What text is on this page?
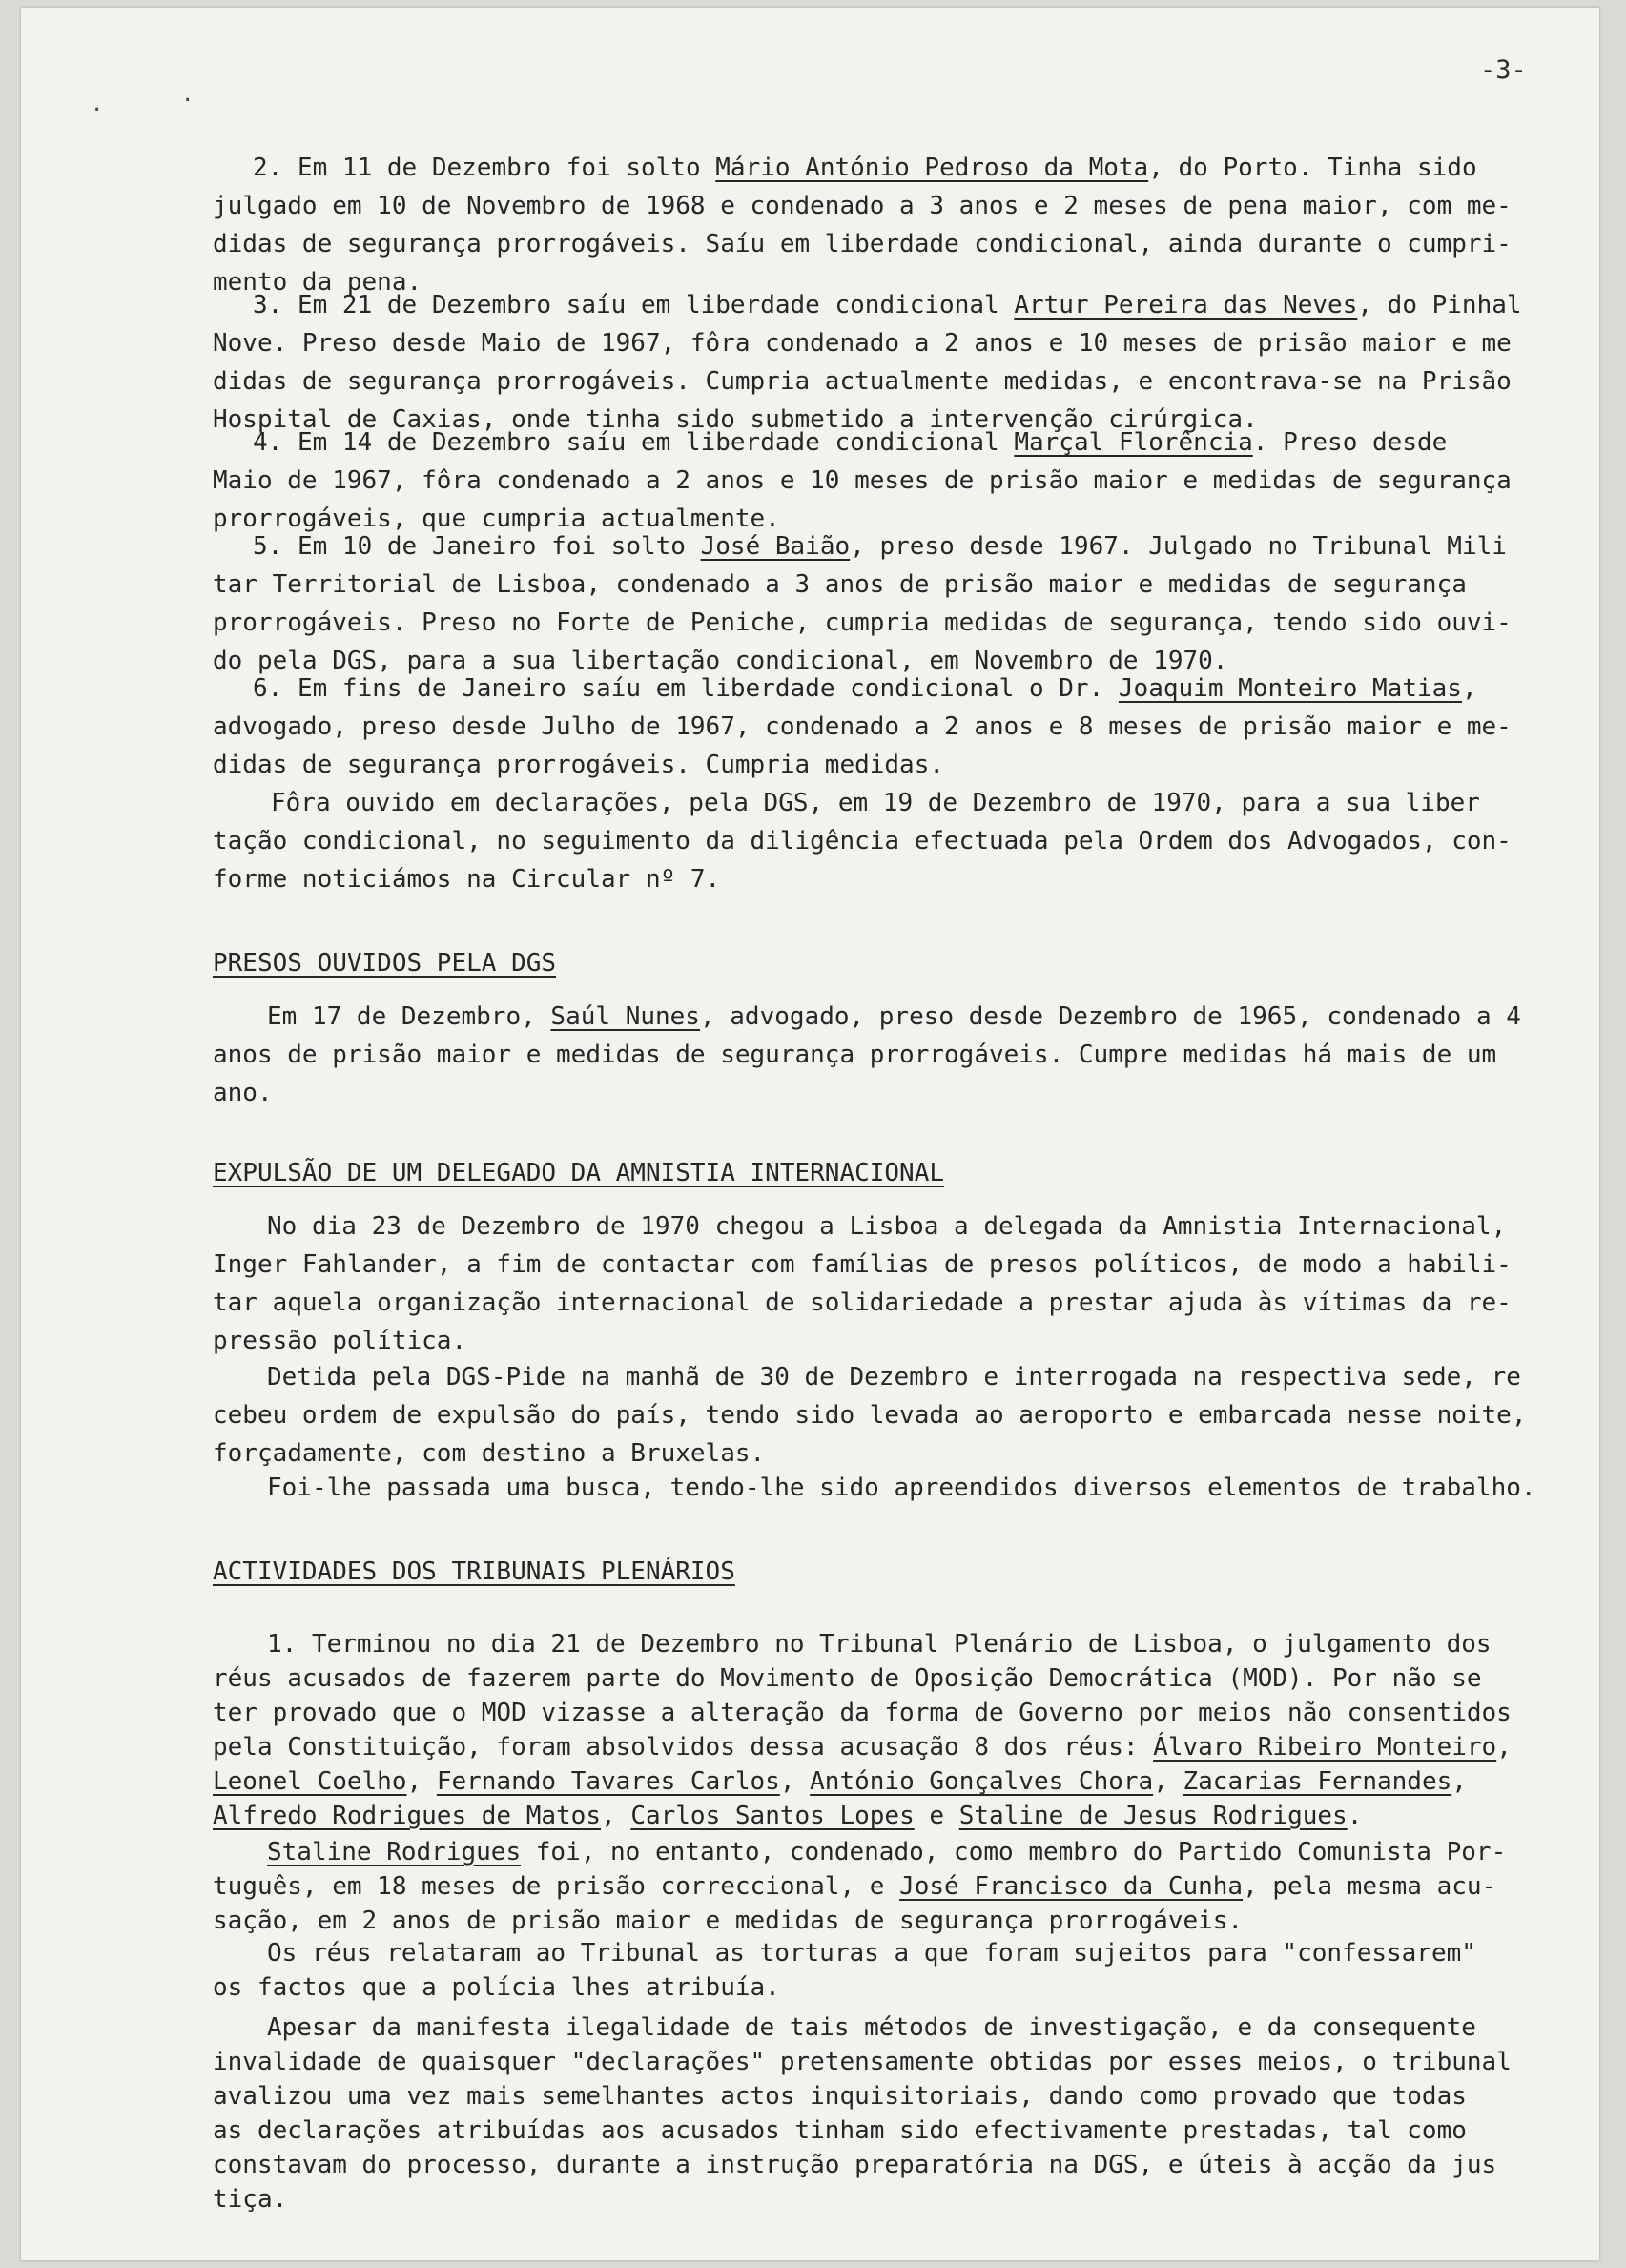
-3-
·	·
2. Em 11 de Dezembro foi solto Mário António Pedroso da Mota, do Porto. Tinha sido
julgado em 10 de Novembro de 1968 e condenado a 3 anos e 2 meses de pena maior, com me-
didas de segurança prorrogáveis. Saíu em liberdade condicional, ainda durante o cumpri-
mento da pena.
3. Em 21 de Dezembro saíu em liberdade condicional Artur Pereira das Neves, do Pinhal
Nove. Preso desde Maio de 1967, fôra condenado a 2 anos e 10 meses de prisão maior e me
didas de segurança prorrogáveis. Cumpria actualmente medidas, e encontrava-se na Prisão
Hospital de Caxias, onde tinha sido submetido a intervenção cirúrgica.
4. Em 14 de Dezembro saíu em liberdade condicional Marçal Florência. Preso desde
Maio de 1967, fôra condenado a 2 anos e 10 meses de prisão maior e medidas de segurança
prorrogáveis, que cumpria actualmente.
5. Em 10 de Janeiro foi solto José Baião, preso desde 1967. Julgado no Tribunal Mili
tar Territorial de Lisboa, condenado a 3 anos de prisão maior e medidas de segurança
prorrogáveis. Preso no Forte de Peniche, cumpria medidas de segurança, tendo sido ouvi-
do pela DGS, para a sua libertação condicional, em Novembro de 1970.
6. Em fins de Janeiro saíu em liberdade condicional o Dr. Joaquim Monteiro Matias,
advogado, preso desde Julho de 1967, condenado a 2 anos e 8 meses de prisão maior e me-
didas de segurança prorrogáveis. Cumpria medidas.
Fôra ouvido em declarações, pela DGS, em 19 de Dezembro de 1970, para a sua liber
tação condicional, no seguimento da diligência efectuada pela Ordem dos Advogados, con-
forme noticiámos na Circular nº 7.
PRESOS OUVIDOS PELA DGS
Em 17 de Dezembro, Saúl Nunes, advogado, preso desde Dezembro de 1965, condenado a 4
anos de prisão maior e medidas de segurança prorrogáveis. Cumpre medidas há mais de um
ano.
EXPULSÃO DE UM DELEGADO DA AMNISTIA INTERNACIONAL
No dia 23 de Dezembro de 1970 chegou a Lisboa a delegada da Amnistia Internacional,
Inger Fahlander, a fim de contactar com famílias de presos políticos, de modo a habili-
tar aquela organização internacional de solidariedade a prestar ajuda às vítimas da re-
pressão política.
Detida pela DGS-Pide na manhã de 30 de Dezembro e interrogada na respectiva sede, re
cebeu ordem de expulsão do país, tendo sido levada ao aeroporto e embarcada nesse noite,
forçadamente, com destino a Bruxelas.
Foi-lhe passada uma busca, tendo-lhe sido apreendidos diversos elementos de trabalho.
ACTIVIDADES DOS TRIBUNAIS PLENÁRIOS
1. Terminou no dia 21 de Dezembro no Tribunal Plenário de Lisboa, o julgamento dos
réus acusados de fazerem parte do Movimento de Oposição Democrática (MOD). Por não se
ter provado que o MOD vizasse a alteração da forma de Governo por meios não consentidos
pela Constituição, foram absolvidos dessa acusação 8 dos réus: Álvaro Ribeiro Monteiro,
Leonel Coelho, Fernando Tavares Carlos, António Gonçalves Chora, Zacarias Fernandes,
Alfredo Rodrigues de Matos, Carlos Santos Lopes e Staline de Jesus Rodrigues.
Staline Rodrigues foi, no entanto, condenado, como membro do Partido Comunista Por-
tuguês, em 18 meses de prisão correccional, e José Francisco da Cunha, pela mesma acu-
sação, em 2 anos de prisão maior e medidas de segurança prorrogáveis.
Os réus relataram ao Tribunal as torturas a que foram sujeitos para "confessarem"
os factos que a polícia lhes atribuía.
Apesar da manifesta ilegalidade de tais métodos de investigação, e da consequente
invalidade de quaisquer "declarações" pretensamente obtidas por esses meios, o tribunal
avalizou uma vez mais semelhantes actos inquisitoriais, dando como provado que todas
as declarações atribuídas aos acusados tinham sido efectivamente prestadas, tal como
constavam do processo, durante a instrução preparatória na DGS, e úteis à acção da jus
tiça.
